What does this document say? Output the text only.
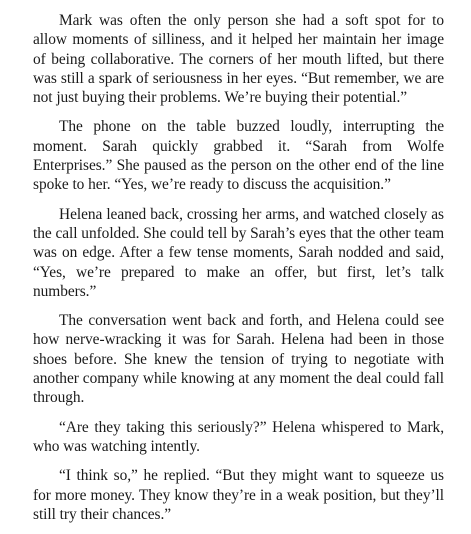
Mark was often the only person she had a soft spot for to allow moments of silliness, and it helped her maintain her image of being collaborative. The corners of her mouth lifted, but there was still a spark of seriousness in her eyes. “But remember, we are not just buying their problems. We’re buying their potential.”

The phone on the table buzzed loudly, interrupting the moment. Sarah quickly grabbed it. “Sarah from Wolfe Enterprises.” She paused as the person on the other end of the line spoke to her. “Yes, we’re ready to discuss the acquisition.”

Helena leaned back, crossing her arms, and watched closely as the call unfolded. She could tell by Sarah’s eyes that the other team was on edge. After a few tense moments, Sarah nodded and said, “Yes, we’re prepared to make an offer, but first, let’s talk numbers.”

The conversation went back and forth, and Helena could see how nerve-wracking it was for Sarah. Helena had been in those shoes before. She knew the tension of trying to negotiate with another company while knowing at any moment the deal could fall through.

“Are they taking this seriously?” Helena whispered to Mark, who was watching intently.

“I think so,” he replied. “But they might want to squeeze us for more money. They know they’re in a weak position, but they’ll still try their chances.”
